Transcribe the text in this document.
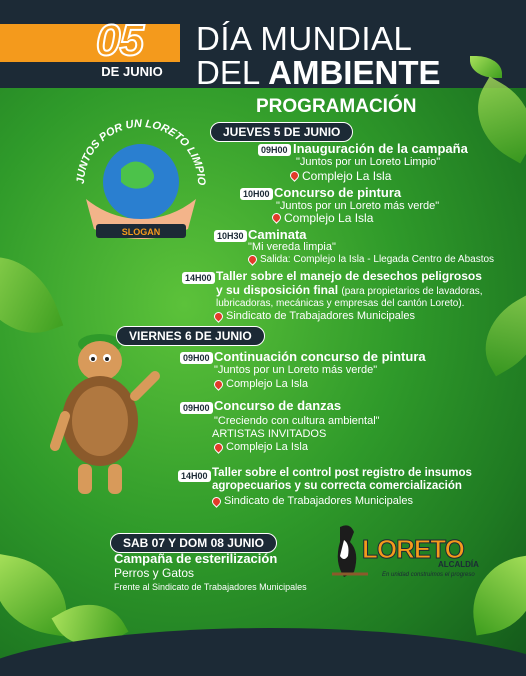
05
DE JUNIO
DÍA MUNDIAL
DEL AMBIENTE
SLOGAN
JUNTOS POR UN LORETO LIMPIO
PROGRAMACIÓN
JUEVES 5 DE JUNIO
09H00 Inauguración de la campaña
"Juntos por un Loreto Limpio"
Complejo La Isla
10H00 Concurso de pintura
"Juntos por un Loreto más verde"
Complejo La Isla
10H30 Caminata
"Mi vereda limpia"
Salida: Complejo la Isla - Llegada Centro de Abastos
14H00 Taller sobre el manejo de desechos peligrosos
y su disposición final (para propietarios de lavadoras,
lubricadoras, mecánicas y empresas del cantón Loreto).
Sindicato de Trabajadores Municipales
VIERNES 6 DE JUNIO
09H00 Continuación concurso de pintura
"Juntos por un Loreto más verde"
Complejo La Isla
09H00 Concurso de danzas
"Creciendo con cultura ambiental"
ARTISTAS INVITADOS
Complejo La Isla
14H00 Taller sobre el control post registro de insumos
agropecuarios y su correcta comercialización
Sindicato de Trabajadores Municipales
SAB 07 Y DOM 08 JUNIO
Campaña de esterilización
Perros y Gatos
Frente al Sindicato de Trabajadores Municipales
LORETO
ALCALDÍA
En unidad construimos el progreso
